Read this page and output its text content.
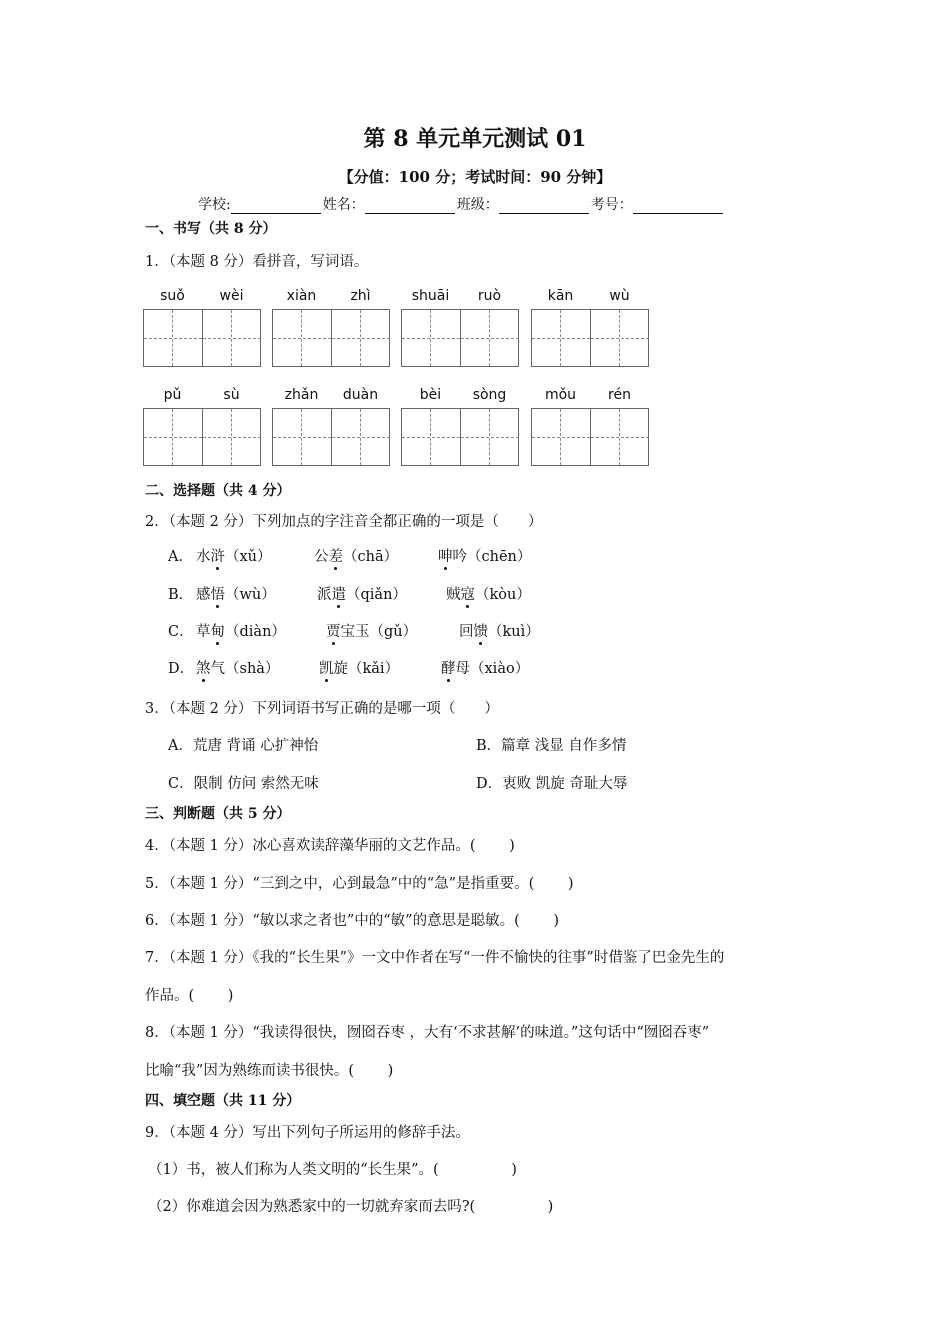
第 8 单元单元测试 01
【分值：100 分；考试时间：90 分钟】
学校:	姓名：	班级：	考号：
一、书写（共 8 分）
1．（本题 8 分）看拼音，写词语。
suǒ	wèi	xiàn	zhì	shuāi	ruò	kān	wù
pǔ	sù	zhǎn	duàn	bèi	sòng	mǒu	rén
二、选择题（共 4 分）
2．（本题 2 分）下列加点的字注音全都正确的一项是（　　）
A． 水浒（xǔ）	公差（chā）	呻吟（chēn）
B． 感悟（wù）	派遣（qiǎn）	贼寇（kòu）
C． 草甸（diàn）	贾宝玉（gǔ）	回馈（kuì）
D． 煞气（shà）	凯旋（kǎi）	酵母（xiào）
3．（本题 2 分）下列词语书写正确的是哪一项（　　）
A．荒唐 背诵 心扩神怡	B．篇章 浅显 自作多情
C．限制 仿问 索然无味	D．衷败 凯旋 奇耻大辱
三、判断题（共 5 分）
4．（本题 1 分）冰心喜欢读辞藻华丽的文艺作品。(　　 )
5．（本题 1 分）“三到之中，心到最急”中的“急”是指重要。(　　 )
6．（本题 1 分）“敏以求之者也”中的“敏”的意思是聪敏。(　　 )
7．（本题 1 分）《我的“长生果”》一文中作者在写“一件不愉快的往事”时借鉴了巴金先生的
作品。(　　 )
8．（本题 1 分）“我读得很快，囫囵吞枣 ，大有‘不求甚解’的味道。”这句话中“囫囵吞枣”
比喻“我”因为熟练而读书很快。(　　 )
四、填空题（共 11 分）
9．（本题 4 分）写出下列句子所运用的修辞手法。
（1）书，被人们称为人类文明的“长生果”。(　　　　　)
（2）你难道会因为熟悉家中的一切就弃家而去吗?(　　　　　)
